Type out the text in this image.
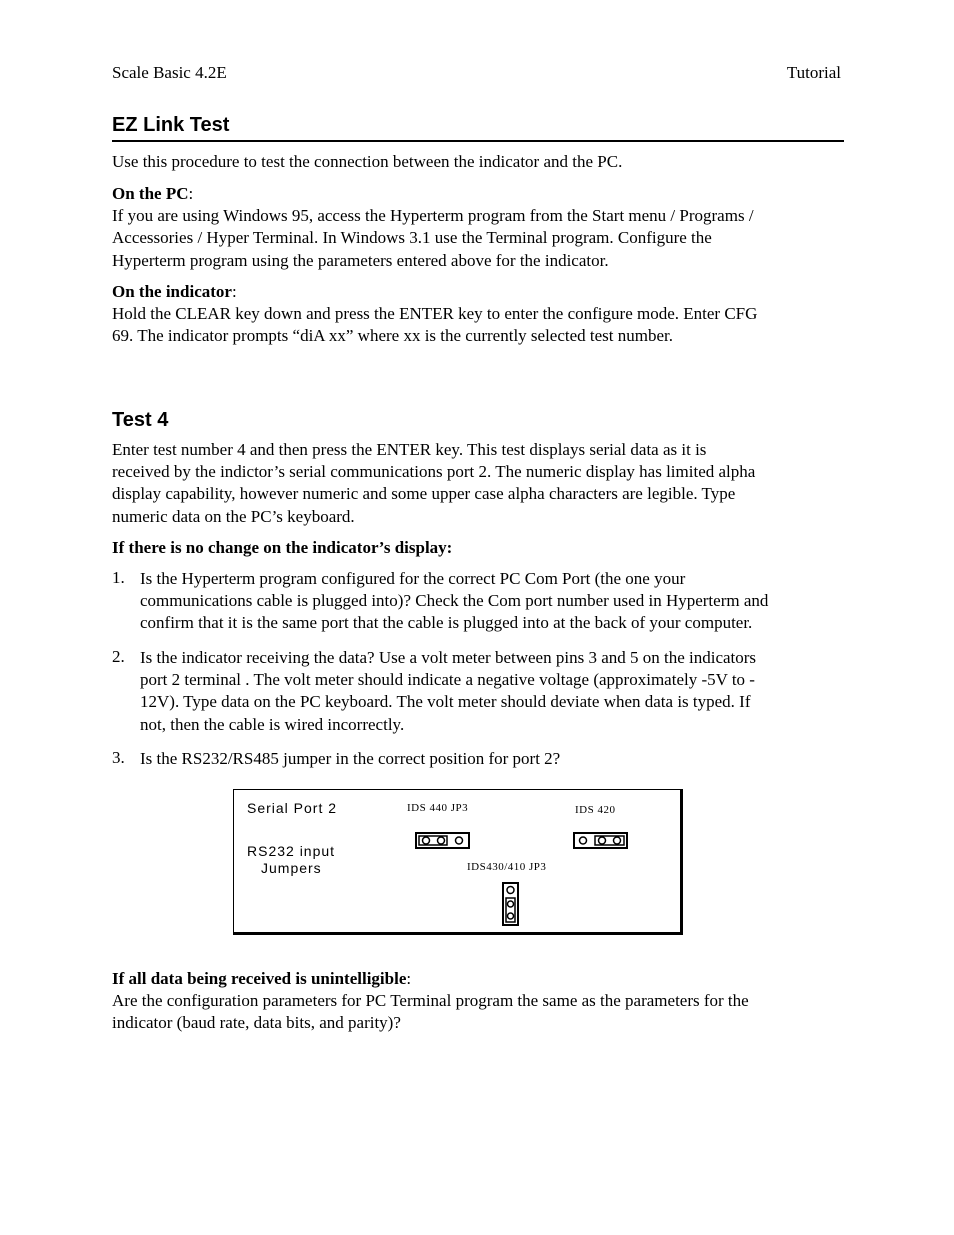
Scale Basic 4.2E	Tutorial
EZ Link Test

Use this procedure to test the connection between the indicator and the PC.

On the PC:
If you are using Windows 95, access the Hyperterm program from the Start menu / Programs /
Accessories / Hyper Terminal. In Windows 3.1 use the Terminal program. Configure the
Hyperterm program using the parameters entered above for the indicator.
On the indicator:
Hold the CLEAR key down and press the ENTER key to enter the configure mode. Enter CFG
69. The indicator prompts “diA xx” where xx is the currently selected test number.
Test 4
Enter test number 4 and then press the ENTER key. This test displays serial data as it is
received by the indictor’s serial communications port 2. The numeric display has limited alpha
display capability, however numeric and some upper case alpha characters are legible. Type
numeric data on the PC’s keyboard.
If there is no change on the indicator’s display:
1. Is the Hyperterm program configured for the correct PC Com Port (the one your
communications cable is plugged into)? Check the Com port number used in Hyperterm and
confirm that it is the same port that the cable is plugged into at the back of your computer.
2. Is the indicator receiving the data? Use a volt meter between pins 3 and 5 on the indicators
port 2 terminal . The volt meter should indicate a negative voltage (approximately -5V to -
12V). Type data on the PC keyboard. The volt meter should deviate when data is typed. If
not, then the cable is wired incorrectly.
3. Is the RS232/RS485 jumper in the correct position for port 2?
Serial Port 2
RS232 input
Jumpers
IDS 440 JP3	IDS 420
IDS430/410 JP3
If all data being received is unintelligible:
Are the configuration parameters for PC Terminal program the same as the parameters for the
indicator (baud rate, data bits, and parity)?
